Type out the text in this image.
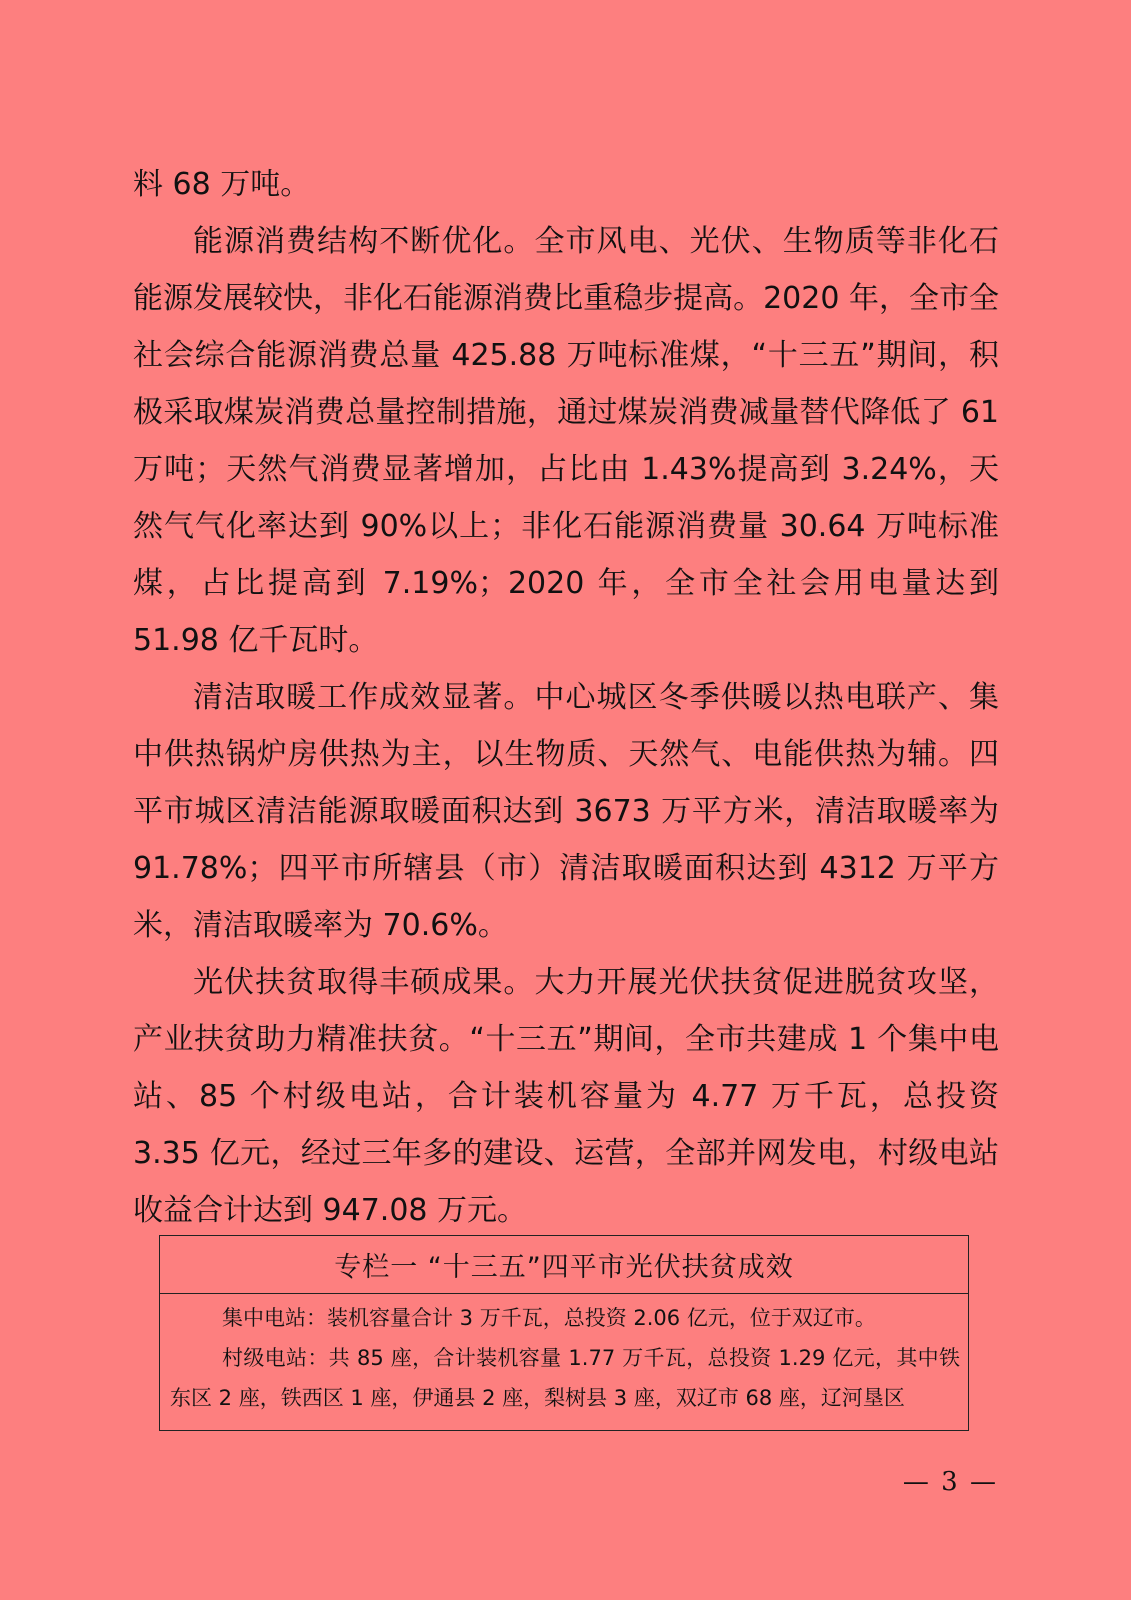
料 68 万吨。

能源消费结构不断优化。全市风电、光伏、生物质等非化石能源发展较快，非化石能源消费比重稳步提高。2020 年，全市全社会综合能源消费总量 425.88 万吨标准煤，“十三五”期间，积极采取煤炭消费总量控制措施，通过煤炭消费减量替代降低了 61 万吨；天然气消费显著增加，占比由 1.43%提高到 3.24%，天然气气化率达到 90%以上；非化石能源消费量 30.64 万吨标准煤，占比提高到 7.19%；2020 年，全市全社会用电量达到 51.98 亿千瓦时。

清洁取暖工作成效显著。中心城区冬季供暖以热电联产、集中供热锅炉房供热为主，以生物质、天然气、电能供热为辅。四平市城区清洁能源取暖面积达到 3673 万平方米，清洁取暖率为 91.78%；四平市所辖县（市）清洁取暖面积达到 4312 万平方米，清洁取暖率为 70.6%。

光伏扶贫取得丰硕成果。大力开展光伏扶贫促进脱贫攻坚，产业扶贫助力精准扶贫。“十三五”期间，全市共建成 1 个集中电站、85 个村级电站，合计装机容量为 4.77 万千瓦，总投资 3.35 亿元，经过三年多的建设、运营，全部并网发电，村级电站收益合计达到 947.08 万元。

专栏一 “十三五”四平市光伏扶贫成效

集中电站：装机容量合计 3 万千瓦，总投资 2.06 亿元，位于双辽市。

村级电站：共 85 座，合计装机容量 1.77 万千瓦，总投资 1.29 亿元，其中铁东区 2 座，铁西区 1 座，伊通县 2 座，梨树县 3 座，双辽市 68 座，辽河垦区

— 3 —
